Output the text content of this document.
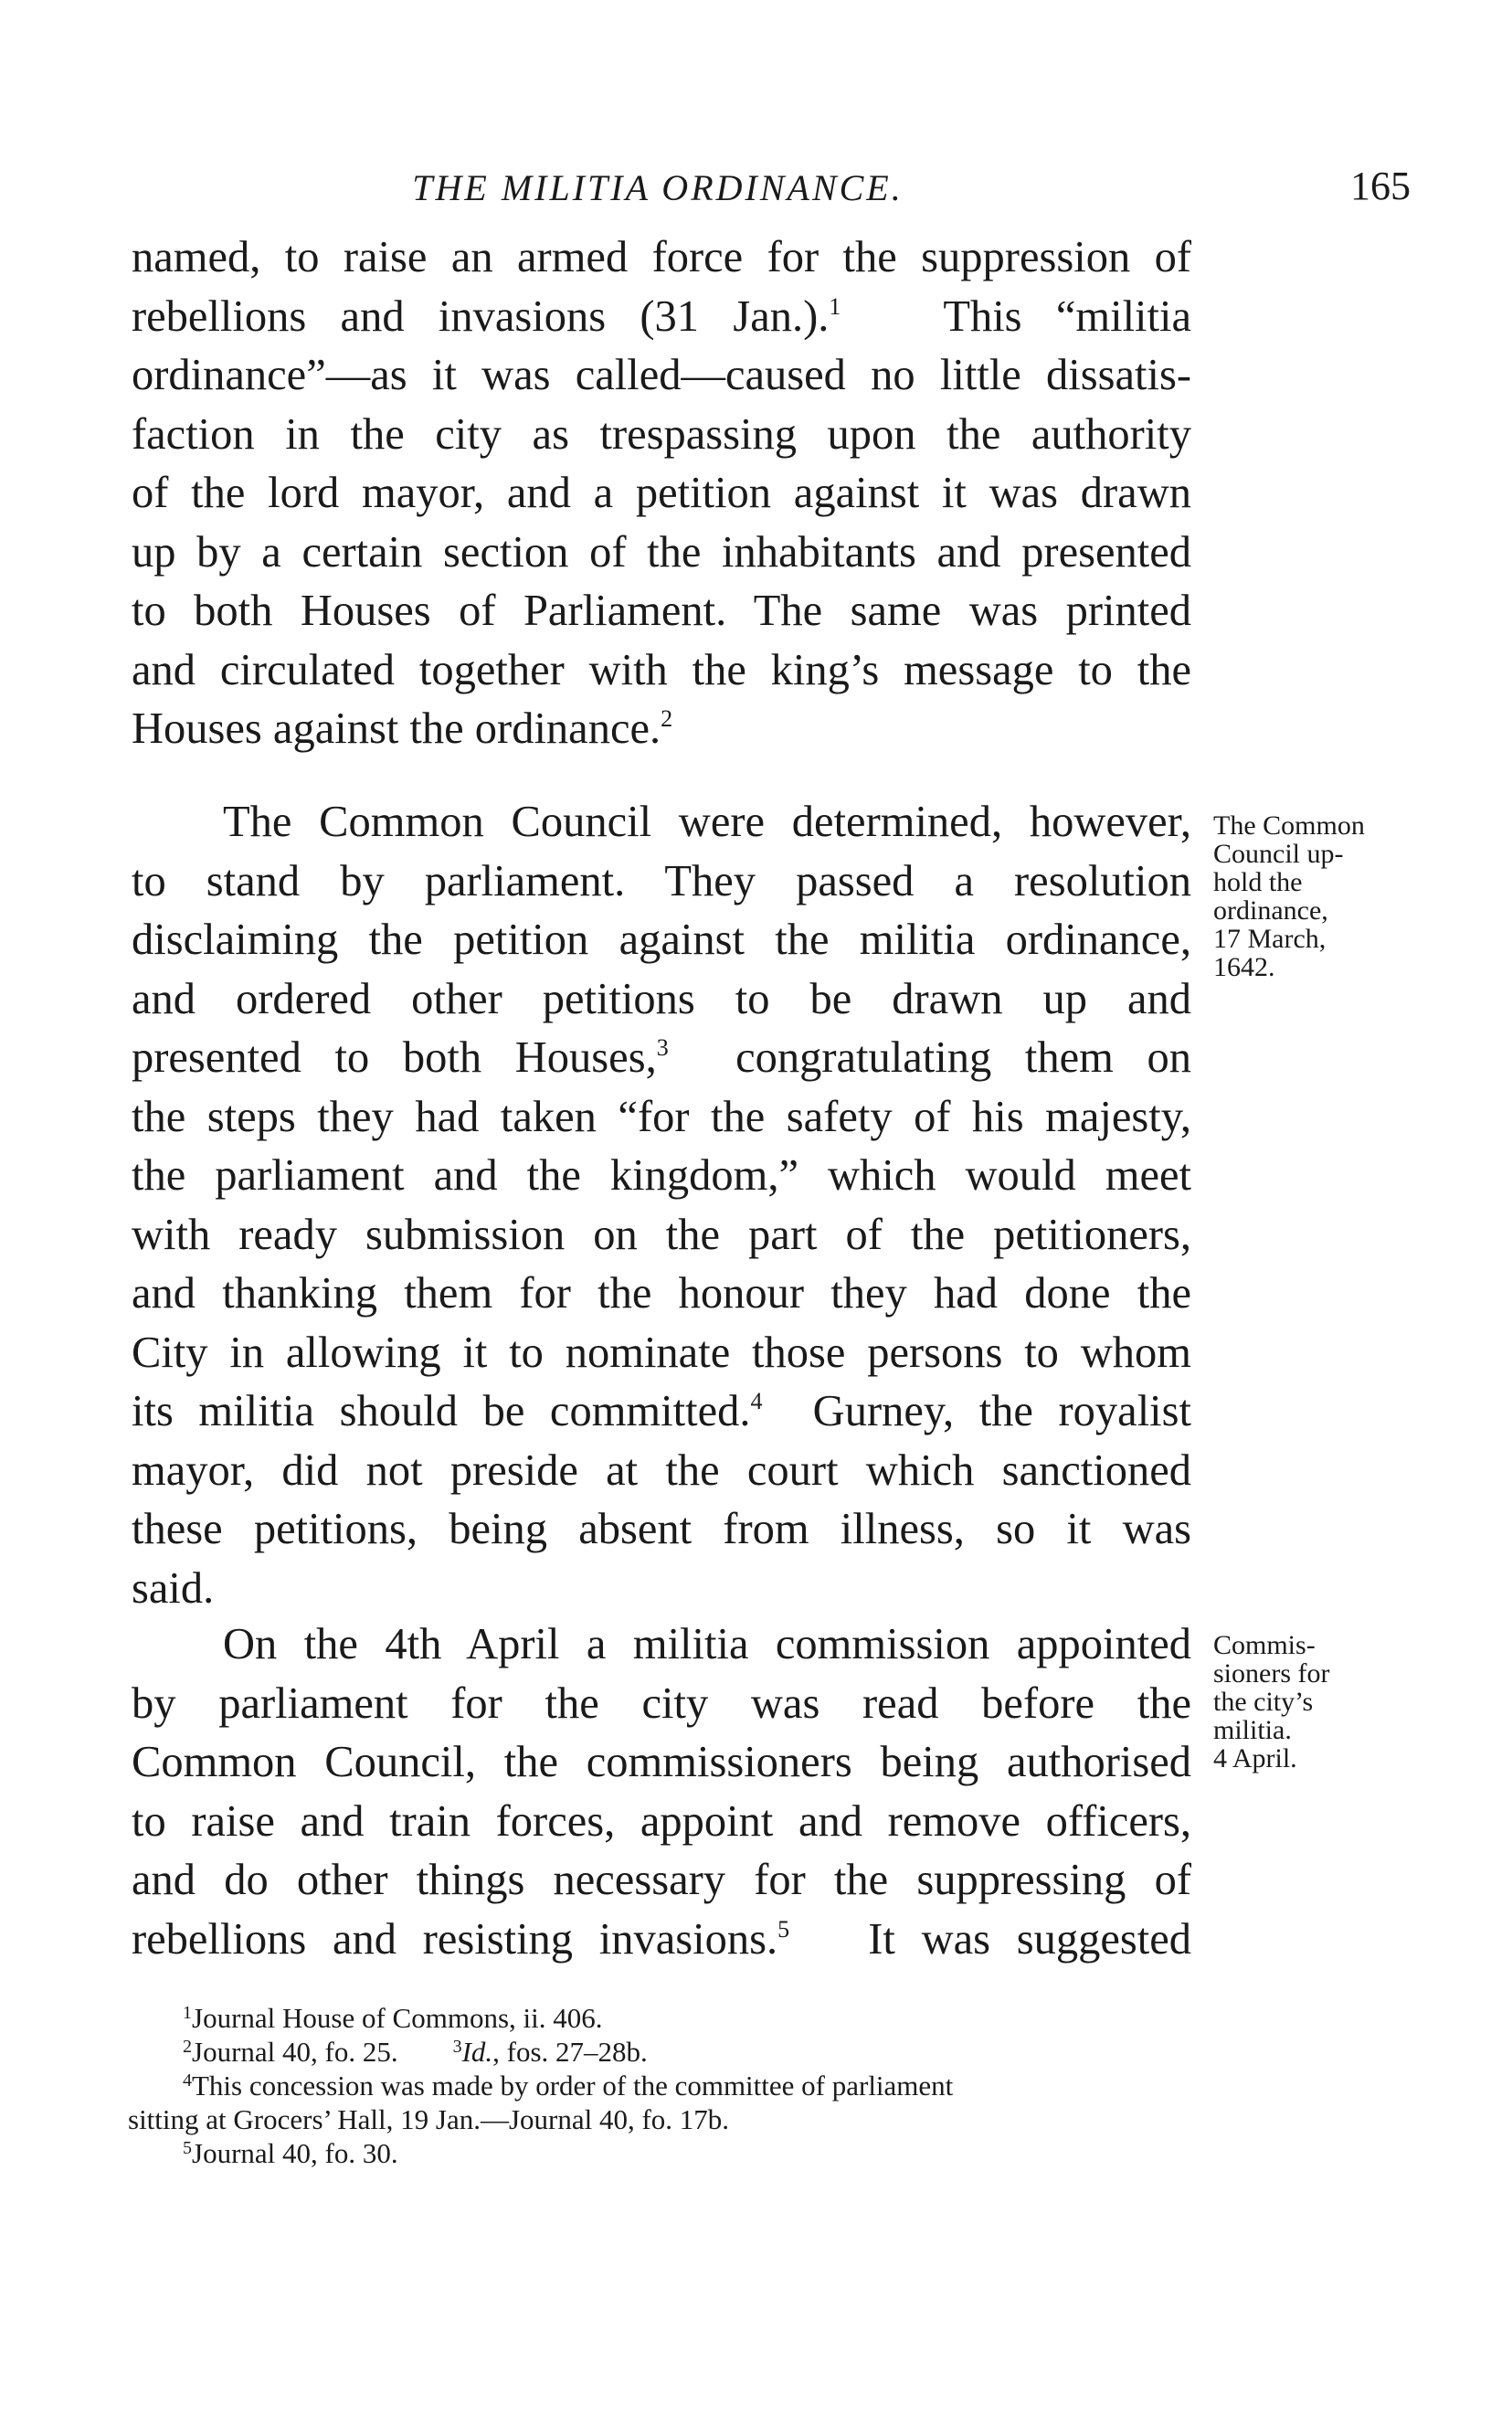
THE MILITIA ORDINANCE.	165
named, to raise an armed force for the suppression of
rebellions and invasions (31 Jan.).$^1$ This “militia
ordinance”—as it was called—caused no little dissatis-
faction in the city as trespassing upon the authority
of the lord mayor, and a petition against it was drawn
up by a certain section of the inhabitants and presented
to both Houses of Parliament. The same was printed
and circulated together with the king’s message to the
Houses against the ordinance.$^2$
The Common Council were determined, however,
to stand by parliament. They passed a resolution
disclaiming the petition against the militia ordinance,
and ordered other petitions to be drawn up and
presented to both Houses,$^3$ congratulating them on
the steps they had taken “for the safety of his majesty,
the parliament and the kingdom,” which would meet
with ready submission on the part of the petitioners,
and thanking them for the honour they had done the
City in allowing it to nominate those persons to whom
its militia should be committed.$^4$ Gurney, the royalist
mayor, did not preside at the court which sanctioned
these petitions, being absent from illness, so it was
said.
On the 4th April a militia commission appointed
by parliament for the city was read before the
Common Council, the commissioners being authorised
to raise and train forces, appoint and remove officers,
and do other things necessary for the suppressing of
rebellions and resisting invasions.$^5$ It was suggested
The Common
Council up-
hold the
ordinance,
17 March,
1642.
Commis-
sioners for
the city’s
militia.
4 April.
$^1$Journal House of Commons, ii. 406.
$^2$Journal 40, fo. 25.	$^3$Id., fos. 27–28b.
$^4$This concession was made by order of the committee of parliament
sitting at Grocers’ Hall, 19 Jan.—Journal 40, fo. 17b.
$^5$Journal 40, fo. 30.
